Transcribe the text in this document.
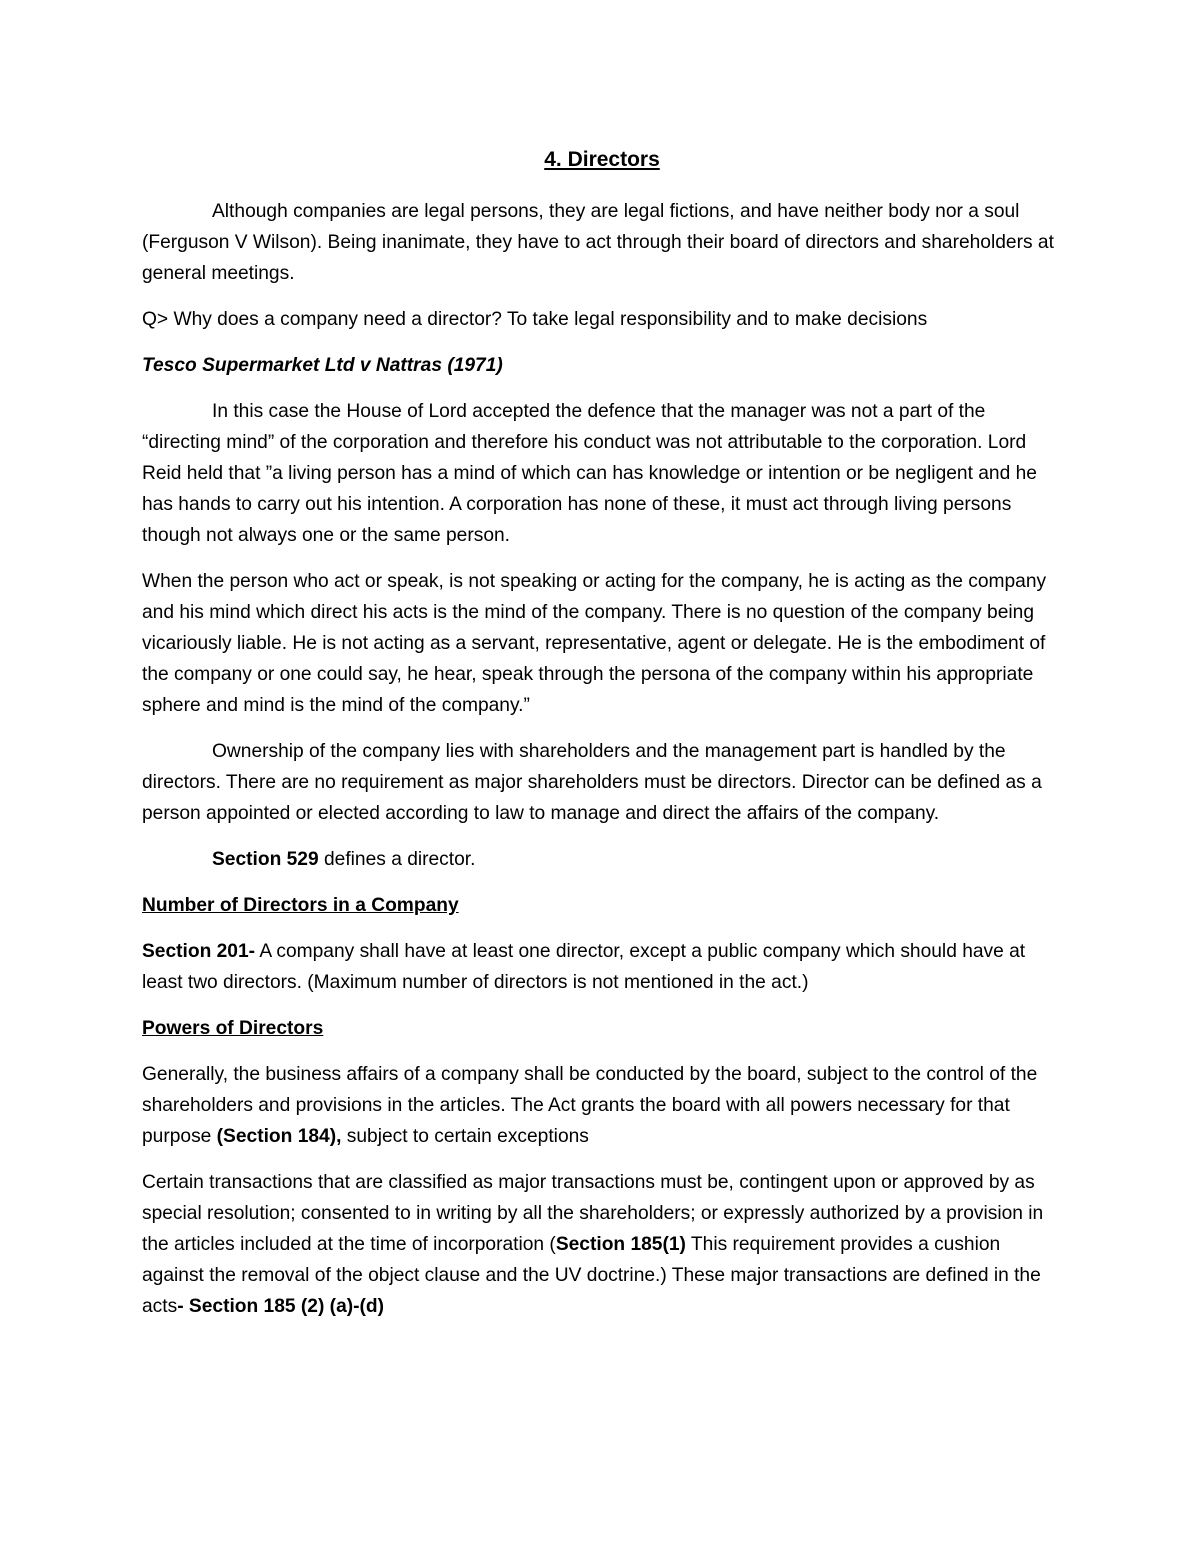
4. Directors

Although companies are legal persons, they are legal fictions, and have neither body nor a soul (Ferguson V Wilson). Being inanimate, they have to act through their board of directors and shareholders at general meetings.

Q> Why does a company need a director? To take legal responsibility and to make decisions

Tesco Supermarket Ltd v Nattras (1971)

In this case the House of Lord accepted the defence that the manager was not a part of the “directing mind” of the corporation and therefore his conduct was not attributable to the corporation. Lord Reid held that ”a living person has a mind of which can has knowledge or intention or be negligent and he has hands to carry out his intention. A corporation has none of these, it must act through living persons though not always one or the same person.

When the person who act or speak, is not speaking or acting for the company, he is acting as the company and his mind which direct his acts is the mind of the company. There is no question of the company being vicariously liable. He is not acting as a servant, representative, agent or delegate. He is the embodiment of the company or one could say, he hear, speak through the persona of the company within his appropriate sphere and mind is the mind of the company.”

Ownership of the company lies with shareholders and the management part is handled by the directors. There are no requirement as major shareholders must be directors. Director can be defined as a person appointed or elected according to law to manage and direct the affairs of the company.

Section 529 defines a director.

Number of Directors in a Company

Section 201- A company shall have at least one director, except a public company which should have at least two directors. (Maximum number of directors is not mentioned in the act.)

Powers of Directors

Generally, the business affairs of a company shall be conducted by the board, subject to the control of the shareholders and provisions in the articles. The Act grants the board with all powers necessary for that purpose (Section 184), subject to certain exceptions

Certain transactions that are classified as major transactions must be, contingent upon or approved by as special resolution; consented to in writing by all the shareholders; or expressly authorized by a provision in the articles included at the time of incorporation (Section 185(1) This requirement provides a cushion against the removal of the object clause and the UV doctrine.) These major transactions are defined in the acts- Section 185 (2) (a)-(d)
